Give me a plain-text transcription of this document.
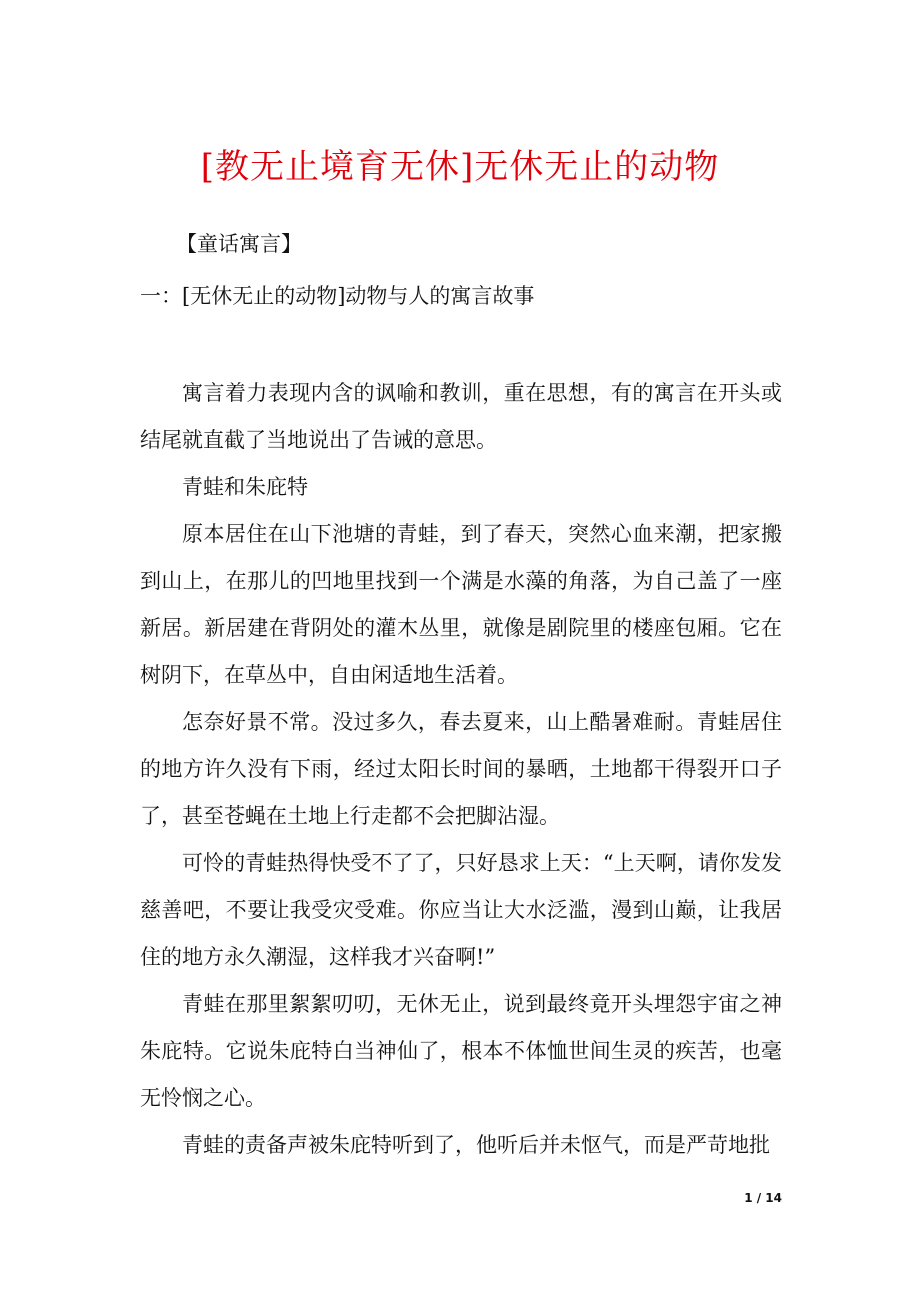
[教无止境育无休]无休无止的动物

【童话寓言】

一：[无休无止的动物]动物与人的寓言故事

寓言着力表现内含的讽喻和教训，重在思想，有的寓言在开头或结尾就直截了当地说出了告诫的意思。

青蛙和朱庇特

原本居住在山下池塘的青蛙，到了春天，突然心血来潮，把家搬到山上，在那儿的凹地里找到一个满是水藻的角落，为自己盖了一座新居。新居建在背阴处的灌木丛里，就像是剧院里的楼座包厢。它在树阴下，在草丛中，自由闲适地生活着。

怎奈好景不常。没过多久，春去夏来，山上酷暑难耐。青蛙居住的地方许久没有下雨，经过太阳长时间的暴晒，土地都干得裂开口子了，甚至苍蝇在土地上行走都不会把脚沾湿。

可怜的青蛙热得快受不了了，只好恳求上天：“上天啊，请你发发慈善吧，不要让我受灾受难。你应当让大水泛滥，漫到山巅，让我居住的地方永久潮湿，这样我才兴奋啊!”

青蛙在那里絮絮叨叨，无休无止，说到最终竟开头埋怨宇宙之神朱庇特。它说朱庇特白当神仙了，根本不体恤世间生灵的疾苦，也毫无怜悯之心。

青蛙的责备声被朱庇特听到了，他听后并未怄气，而是严苛地批

1 / 14
